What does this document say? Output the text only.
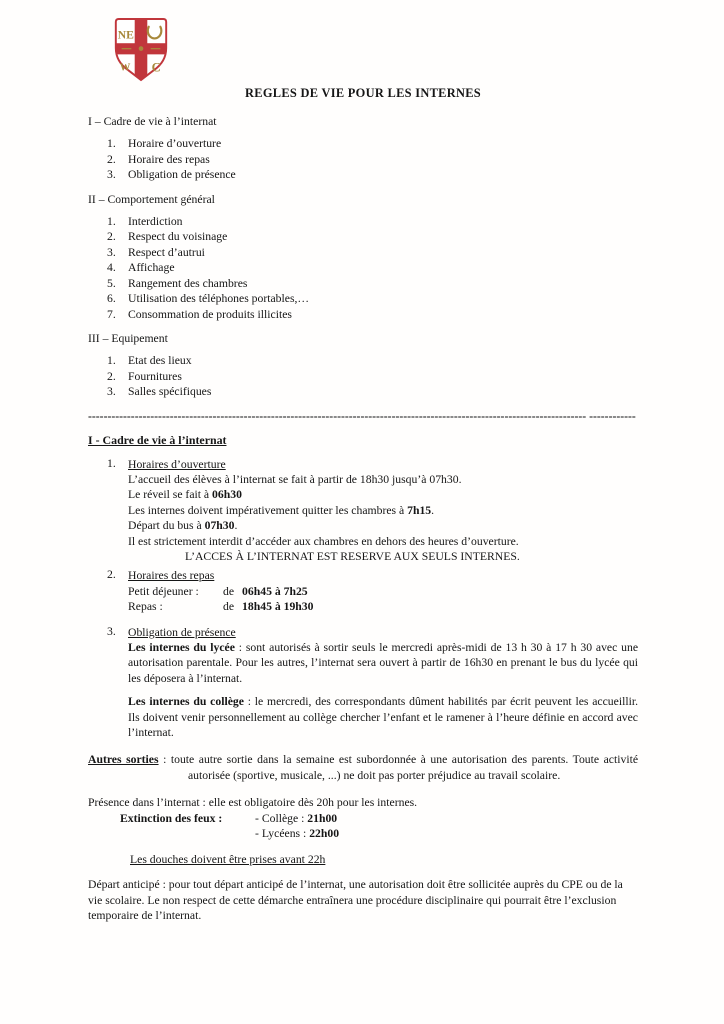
NE
W C
REGLES DE VIE POUR LES INTERNES
I – Cadre de vie à l’internat
1.	Horaire d’ouverture
2.	Horaire des repas
3.	Obligation de présence
II – Comportement général
1.	Interdiction
2.	Respect du voisinage
3.	Respect d’autrui
4.	Affichage
5.	Rangement des chambres
6.	Utilisation des téléphones portables,…
7.	Consommation de produits illicites
III – Equipement
1.	Etat des lieux
2.	Fournitures
3.	Salles spécifiques
-------------------------------------------------------------------------------------------------------------------------------- ------------
I - Cadre de vie à l’internat
1.	Horaires d’ouverture
L’accueil des élèves à l’internat se fait à partir de 18h30 jusqu’à 07h30.
Le réveil se fait à 06h30
Les internes doivent impérativement quitter les chambres à 7h15.
Départ du bus à 07h30.
Il est strictement interdit d’accéder aux chambres en dehors des heures d’ouverture.
L’ACCES À L’INTERNAT EST RESERVE AUX SEULS INTERNES.
2.	Horaires des repas
Petit déjeuner :	de 06h45 à 7h25
Repas :	de 18h45 à 19h30
3.	Obligation de présence
Les internes du lycée : sont autorisés à sortir seuls le mercredi après-midi de 13 h 30 à 17 h 30 avec une autorisation parentale. Pour les autres, l’internat sera ouvert à partir de 16h30 en prenant le bus du lycée qui les déposera à l’internat.
Les internes du collège : le mercredi, des correspondants dûment habilités par écrit peuvent les accueillir. Ils doivent venir personnellement au collège chercher l’enfant et le ramener à l’heure définie en accord avec l’internat.
Autres sorties : toute autre sortie dans la semaine est subordonnée à une autorisation des parents. Toute activité autorisée (sportive, musicale, ...) ne doit pas porter préjudice au travail scolaire.
Présence dans l’internat : elle est obligatoire dès 20h pour les internes.
Extinction des feux :	- Collège : 21h00
- Lycéens : 22h00
Les douches doivent être prises avant 22h
Départ anticipé : pour tout départ anticipé de l’internat, une autorisation doit être sollicitée auprès du CPE ou de la vie scolaire. Le non respect de cette démarche entraînera une procédure disciplinaire qui pourrait être l’exclusion temporaire de l’internat.
